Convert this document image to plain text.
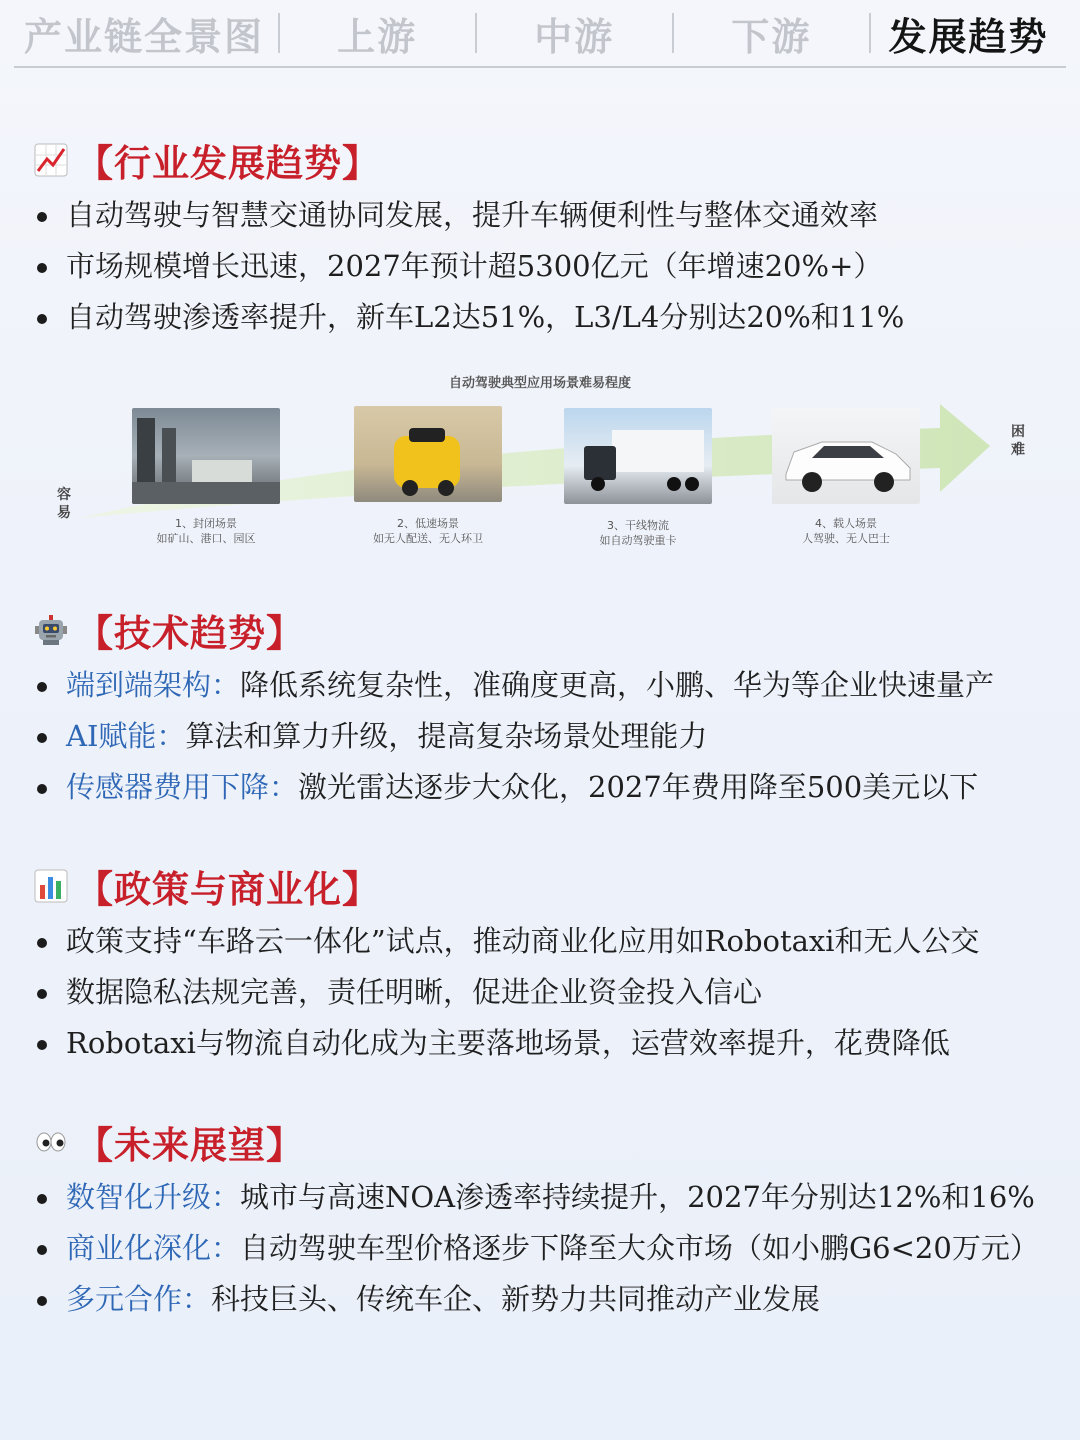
产业链全景图	上游	中游	下游	发展趋势
【行业发展趋势】
自动驾驶与智慧交通协同发展，提升车辆便利性与整体交通效率
市场规模增长迅速，2027年预计超5300亿元（年增速20%+）
自动驾驶渗透率提升，新车L2达51%，L3/L4分别达20%和11%
自动驾驶典型应用场景难易程度
容易
困难
1、封闭场景
如矿山、港口、园区
2、低速场景
如无人配送、无人环卫
3、干线物流
如自动驾驶重卡
4、载人场景
人驾驶、无人巴士
【技术趋势】
端到端架构：降低系统复杂性，准确度更高，小鹏、华为等企业快速量产
AI赋能：算法和算力升级，提高复杂场景处理能力
传感器费用下降：激光雷达逐步大众化，2027年费用降至500美元以下
【政策与商业化】
政策支持“车路云一体化”试点，推动商业化应用如Robotaxi和无人公交
数据隐私法规完善，责任明晰，促进企业资金投入信心
Robotaxi与物流自动化成为主要落地场景，运营效率提升，花费降低
【未来展望】
数智化升级：城市与高速NOA渗透率持续提升，2027年分别达12%和16%
商业化深化：自动驾驶车型价格逐步下降至大众市场（如小鹏G6<20万元）
多元合作：科技巨头、传统车企、新势力共同推动产业发展
